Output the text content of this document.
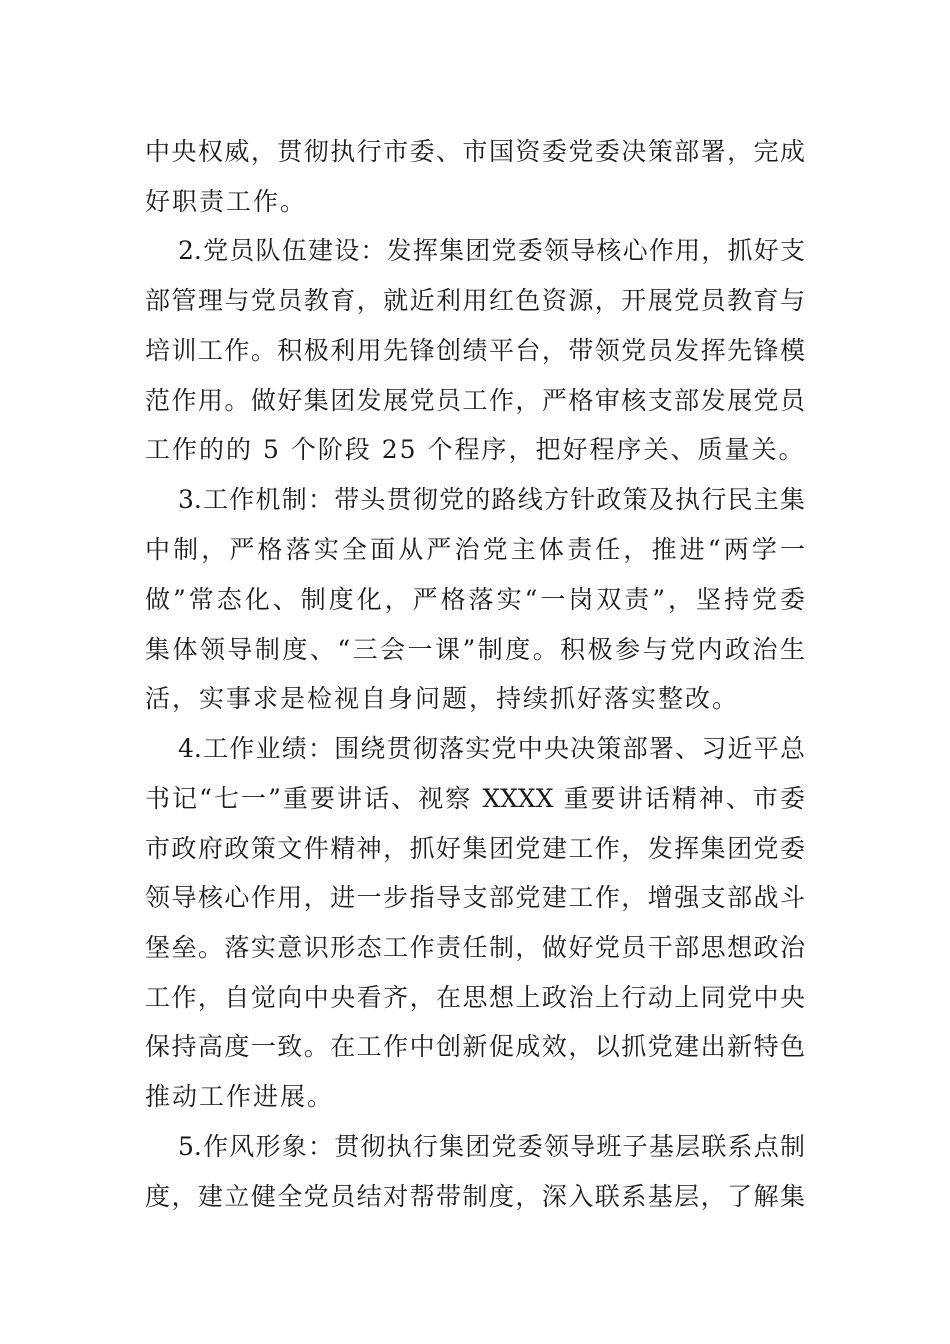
中央权威，贯彻执行市委、市国资委党委决策部署，完成
好职责工作。
2.党员队伍建设：发挥集团党委领导核心作用，抓好支
部管理与党员教育，就近利用红色资源，开展党员教育与
培训工作。积极利用先锋创绩平台，带领党员发挥先锋模
范作用。做好集团发展党员工作，严格审核支部发展党员
工作的的 5 个阶段 25 个程序，把好程序关、质量关。
3.工作机制：带头贯彻党的路线方针政策及执行民主集
中制，严格落实全面从严治党主体责任，推进“两学一
做”常态化、制度化，严格落实“一岗双责”，坚持党委
集体领导制度、“三会一课”制度。积极参与党内政治生
活，实事求是检视自身问题，持续抓好落实整改。
4.工作业绩：围绕贯彻落实党中央决策部署、习近平总
书记“七一”重要讲话、视察 XXXX 重要讲话精神、市委
市政府政策文件精神，抓好集团党建工作，发挥集团党委
领导核心作用，进一步指导支部党建工作，增强支部战斗
堡垒。落实意识形态工作责任制，做好党员干部思想政治
工作，自觉向中央看齐，在思想上政治上行动上同党中央
保持高度一致。在工作中创新促成效，以抓党建出新特色
推动工作进展。
5.作风形象：贯彻执行集团党委领导班子基层联系点制
度，建立健全党员结对帮带制度，深入联系基层，了解集
